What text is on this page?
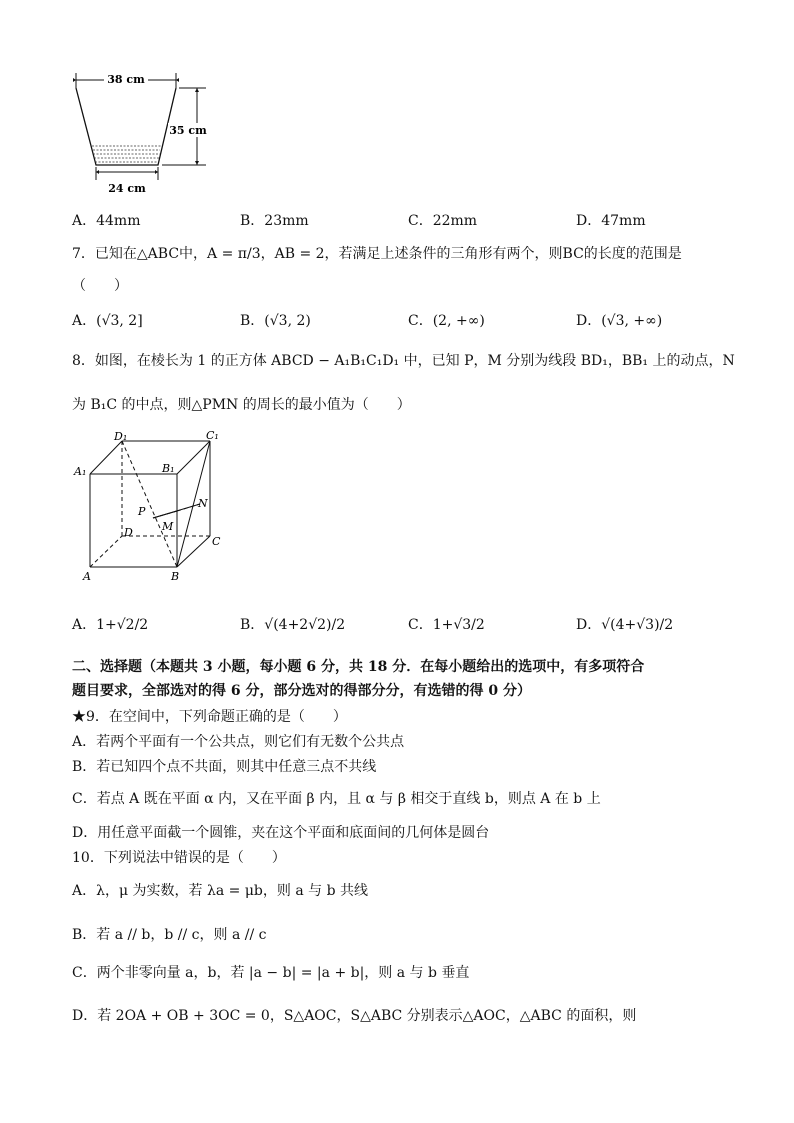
38 cm
24 cm
35 cm
A．44mm	B．23mm	C．22mm	D．47mm
7．已知在△ABC中，A = π/3，AB = 2，若满足上述条件的三角形有两个，则BC的长度的范围是
（　　）
A．(√3, 2]	B．(√3, 2)	C．(2, +∞)	D．(√3, +∞)
8．如图，在棱长为 1 的正方体 ABCD − A₁B₁C₁D₁ 中，已知 P，M 分别为线段 BD₁，BB₁ 上的动点，N
为 B₁C 的中点，则△PMN 的周长的最小值为（　　）
D₁	C₁
A₁	B₁
P
N
M
D
C
A	B
A．1+√2/2	B．√(4+2√2)/2	C．1+√3/2	D．√(4+√3)/2
二、选择题（本题共 3 小题，每小题 6 分，共 18 分．在每小题给出的选项中，有多项符合
题目要求，全部选对的得 6 分，部分选对的得部分分，有选错的得 0 分）
★9．在空间中，下列命题正确的是（　　）
A．若两个平面有一个公共点，则它们有无数个公共点
B．若已知四个点不共面，则其中任意三点不共线
C．若点 A 既在平面 α 内，又在平面 β 内，且 α 与 β 相交于直线 b，则点 A 在 b 上
D．用任意平面截一个圆锥，夹在这个平面和底面间的几何体是圆台
10．下列说法中错误的是（　　）
A．λ，μ 为实数，若 λa = μb，则 a 与 b 共线
B．若 a // b，b // c，则 a // c
C．两个非零向量 a，b，若 |a − b| = |a + b|，则 a 与 b 垂直
D．若 2OA + OB + 3OC = 0，S△AOC，S△ABC 分别表示△AOC，△ABC 的面积，则
